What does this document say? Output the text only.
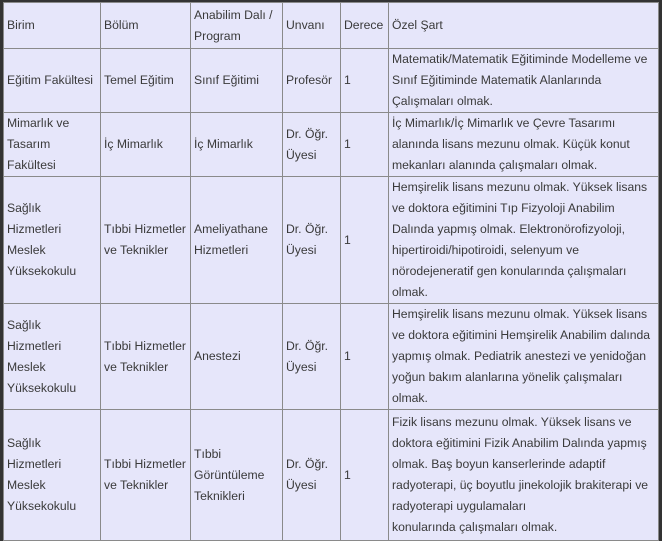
Birim	Bölüm	Anabilim Dalı / Program	Unvanı	Derece	Özel Şart
Eğitim Fakültesi	Temel Eğitim	Sınıf Eğitimi	Profesör	1	Matematik/Matematik Eğitiminde Modelleme ve Sınıf Eğitiminde Matematik Alanlarında Çalışmaları olmak.
Mimarlık ve Tasarım Fakültesi	İç Mimarlık	İç Mimarlık	Dr. Öğr. Üyesi	1	İç Mimarlık/İç Mimarlık ve Çevre Tasarımı alanında lisans mezunu olmak. Küçük konut mekanları alanında çalışmaları olmak.
Sağlık Hizmetleri Meslek Yüksekokulu	Tıbbi Hizmetler ve Teknikler	Ameliyathane Hizmetleri	Dr. Öğr. Üyesi	1	Hemşirelik lisans mezunu olmak. Yüksek lisans ve doktora eğitimini Tıp Fizyoloji Anabilim Dalında yapmış olmak. Elektronörofizyoloji, hipertiroidi/hipotiroidi, selenyum ve nörodejeneratif gen konularında çalışmaları olmak.
Sağlık Hizmetleri Meslek Yüksekokulu	Tıbbi Hizmetler ve Teknikler	Anestezi	Dr. Öğr. Üyesi	1	Hemşirelik lisans mezunu olmak. Yüksek lisans ve doktora eğitimini Hemşirelik Anabilim dalında yapmış olmak. Pediatrik anestezi ve yenidoğan yoğun bakım alanlarına yönelik çalışmaları olmak.
Sağlık Hizmetleri Meslek Yüksekokulu	Tıbbi Hizmetler ve Teknikler	Tıbbi Görüntüleme Teknikleri	Dr. Öğr. Üyesi	1	Fizik lisans mezunu olmak. Yüksek lisans ve doktora eğitimini Fizik Anabilim Dalında yapmış olmak. Baş boyun kanserlerinde adaptif radyoterapi, üç boyutlu jinekolojik brakiterapi ve radyoterapi uygulamaları
konularında çalışmaları olmak.
